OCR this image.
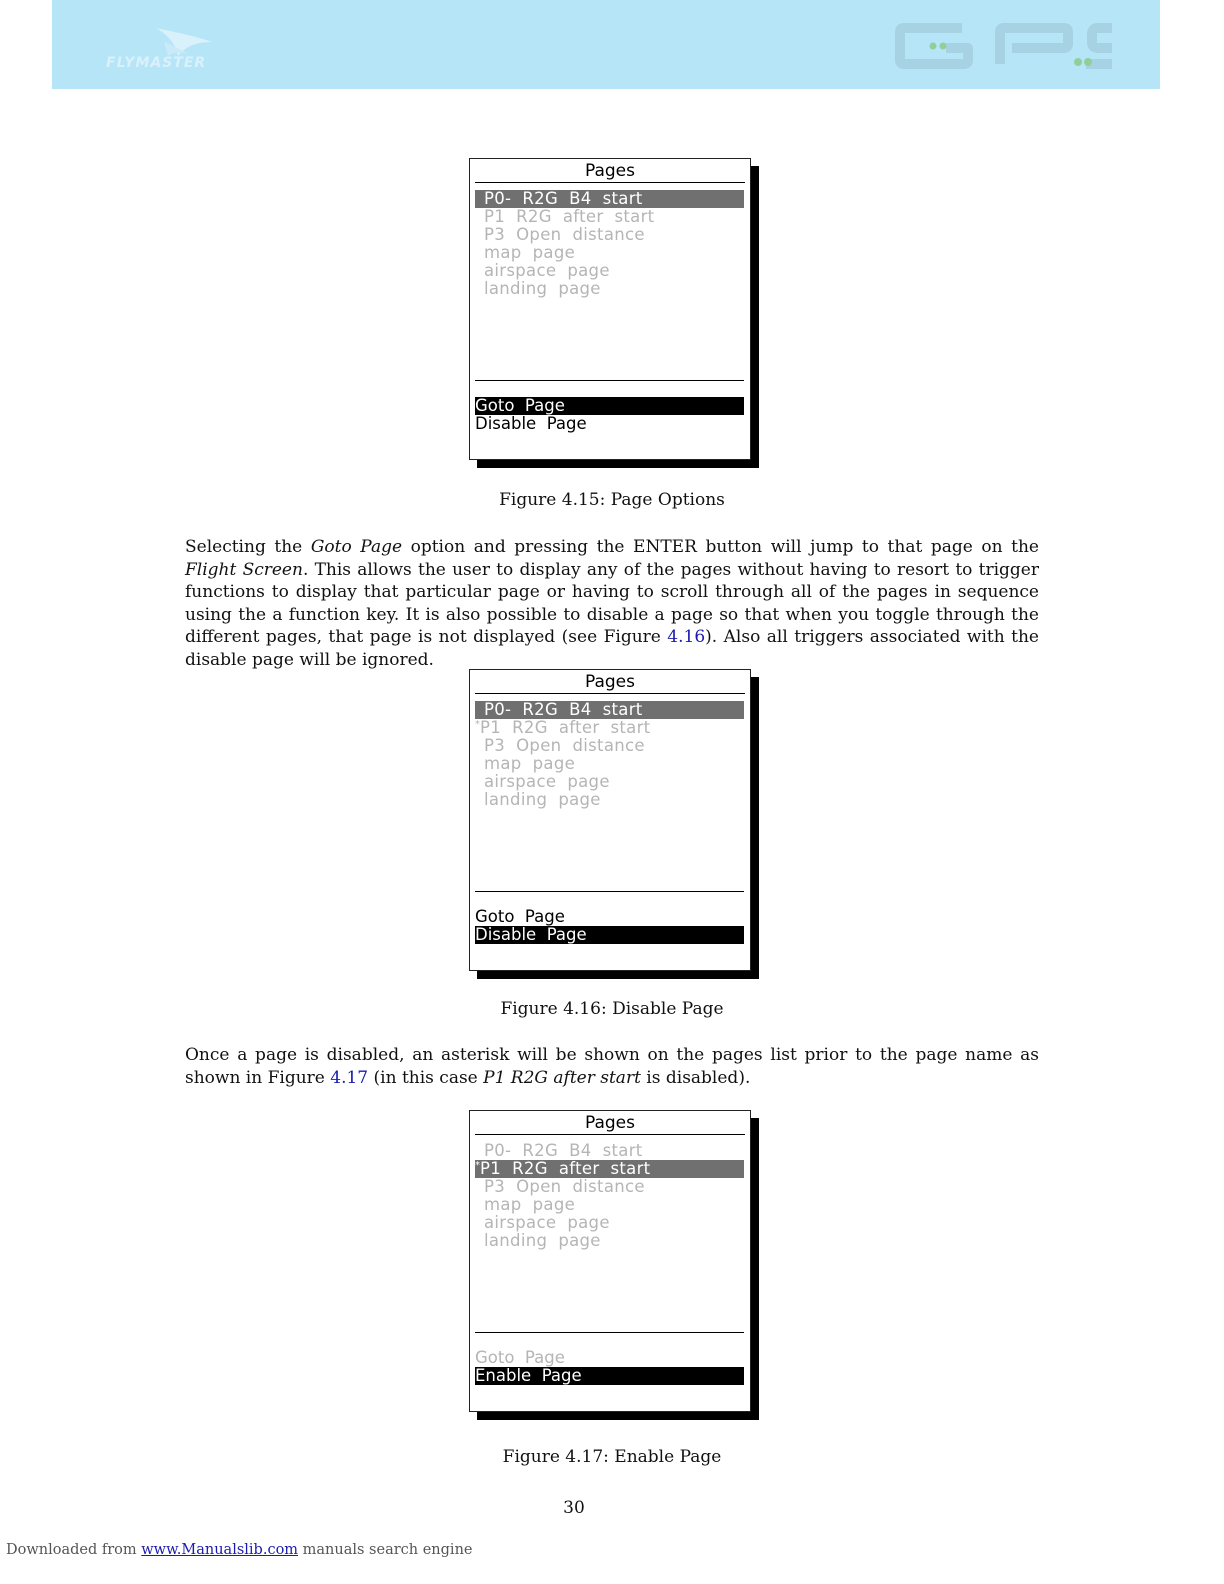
FLYMASTER
Pages
P0-  R2G  B4  start
P1  R2G  after  start
P3  Open  distance
map  page
airspace  page
landing  page
Goto  Page
Disable  Page
Figure 4.15: Page Options
Selecting the Goto Page option and pressing the ENTER button will jump to that page on the Flight Screen. This allows the user to display any of the pages without having to resort to trigger functions to display that particular page or having to scroll through all of the pages in sequence using the a function key. It is also possible to disable a page so that when you toggle through the different pages, that page is not displayed (see Figure 4.16). Also all triggers associated with the disable page will be ignored.
Pages
P0-  R2G  B4  start
* P1  R2G  after  start
P3  Open  distance
map  page
airspace  page
landing  page
Goto  Page
Disable  Page
Figure 4.16: Disable Page
Once a page is disabled, an asterisk will be shown on the pages list prior to the page name as shown in Figure 4.17 (in this case P1 R2G after start is disabled).
Pages
P0-  R2G  B4  start
* P1  R2G  after  start
P3  Open  distance
map  page
airspace  page
landing  page
Goto  Page
Enable  Page
Figure 4.17: Enable Page
30
Downloaded from www.Manualslib.com manuals search engine
